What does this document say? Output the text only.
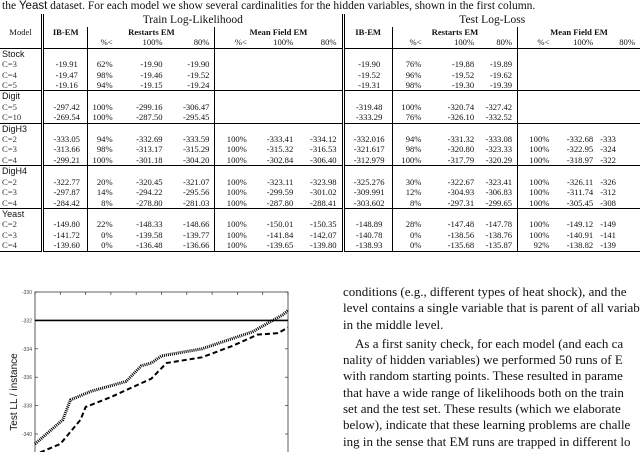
the Yeast dataset. For each model we show several cardinalities for the hidden variables, shown in the first column.
	Train Log-Likelihood							Test Log-Loss						
Model	IB-EM	Restarts EM			Mean Field EM			IB-EM	Restarts EM			Mean Field EM		
		%<	100%	80%	%<	100%	80%		%<	100%	80%	%<	100%	80%
Stock														
C=3	-19.91	62%	-19.90	-19.90				-19.90	76%	-19.88	-19.89			
C=4	-19.47	98%	-19.46	-19.52				-19.52	96%	-19.52	-19.62			
C=5	-19.16	94%	-19.15	-19.24				-19.31	98%	-19.30	-19.39			
Digit														
C=5	-297.42	100%	-299.16	-306.47				-319.48	100%	-320.74	-327.42			
C=10	-269.54	100%	-287.50	-295.45				-333.29	76%	-326.10	-332.52			
DigH3														
C=2	-333.05	94%	-332.69	-333.59	100%	-333.41	-334.12	-332.016	94%	-331.32	-333.08	100%	-332.68	-333
C=3	-313.66	98%	-313.17	-315.29	100%	-315.32	-316.53	-321.617	98%	-320.80	-323.33	100%	-322.95	-324
C=4	-299.21	100%	-301.18	-304.20	100%	-302.84	-306.40	-312.979	100%	-317.79	-320.29	100%	-318.97	-322
DigH4														
C=2	-322.77	20%	-320.45	-321.07	100%	-323.11	-323.98	-325.276	30%	-322.67	-323.41	100%	-326.11	-326
C=3	-297.87	14%	-294.22	-295.56	100%	-299.59	-301.02	-309.991	12%	-304.93	-306.83	100%	-311.74	-312
C=4	-284.42	8%	-278.80	-281.03	100%	-287.80	-288.41	-303.602	8%	-297.31	-299.65	100%	-305.45	-308
Yeast														
C=2	-149.80	22%	-148.33	-148.66	100%	-150.01	-150.35	-148.89	28%	-147.48	-147.78	100%	-149.12	-149
C=3	-141.72	0%	-139.58	-139.77	100%	-141.84	-142.07	-140.78	0%	-138.56	-138.76	100%	-140.91	-141
C=4	-139.60	0%	-136.48	-136.66	100%	-139.65	-139.80	-138.93	0%	-135.68	-135.87	92%	-138.82	-139

-330
-332
-334
-336
-338
-340
Test LL / instance

conditions (e.g., different types of heat shock), and the
level contains a single variable that is parent of all variab
in the middle level.

As a first sanity check, for each model (and each ca
nality of hidden variables) we performed 50 runs of E
with random starting points. These resulted in parame
that have a wide range of likelihoods both on the train
set and the test set. These results (which we elaborate
below), indicate that these learning problems are challe
ing in the sense that EM runs are trapped in different lo
